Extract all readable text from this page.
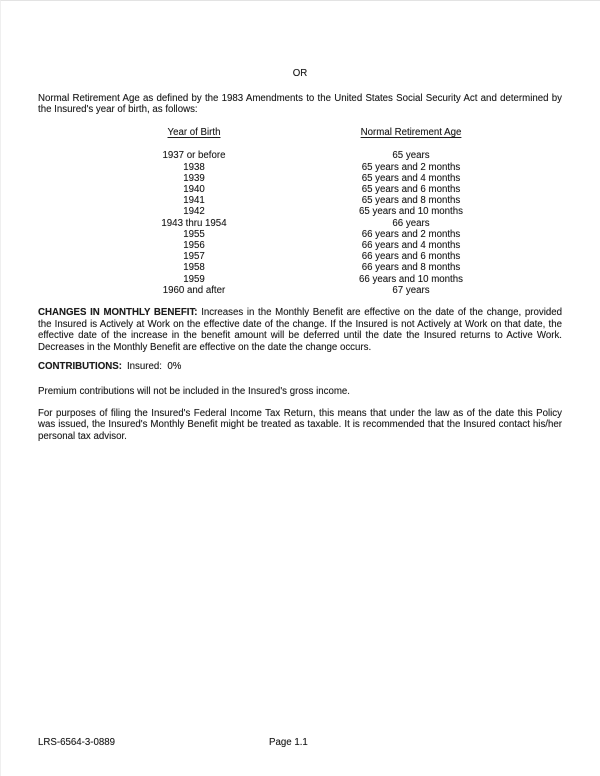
OR
Normal Retirement Age as defined by the 1983 Amendments to the United States Social Security Act and determined by
the Insured's year of birth, as follows:
Year of Birth	Normal Retirement Age
1937 or before	65 years
1938	65 years and 2 months
1939	65 years and 4 months
1940	65 years and 6 months
1941	65 years and 8 months
1942	65 years and 10 months
1943 thru 1954	66 years
1955	66 years and 2 months
1956	66 years and 4 months
1957	66 years and 6 months
1958	66 years and 8 months
1959	66 years and 10 months
1960 and after	67 years
CHANGES IN MONTHLY BENEFIT: Increases in the Monthly Benefit are effective on the date of the change, provided
the Insured is Actively at Work on the effective date of the change. If the Insured is not Actively at Work on that date, the
effective date of the increase in the benefit amount will be deferred until the date the Insured returns to Active Work.
Decreases in the Monthly Benefit are effective on the date the change occurs.
CONTRIBUTIONS: Insured:  0%
Premium contributions will not be included in the Insured's gross income.
For purposes of filing the Insured's Federal Income Tax Return, this means that under the law as of the date this Policy
was issued, the Insured's Monthly Benefit might be treated as taxable. It is recommended that the Insured contact his/her
personal tax advisor.
LRS-6564-3-0889	Page 1.1
